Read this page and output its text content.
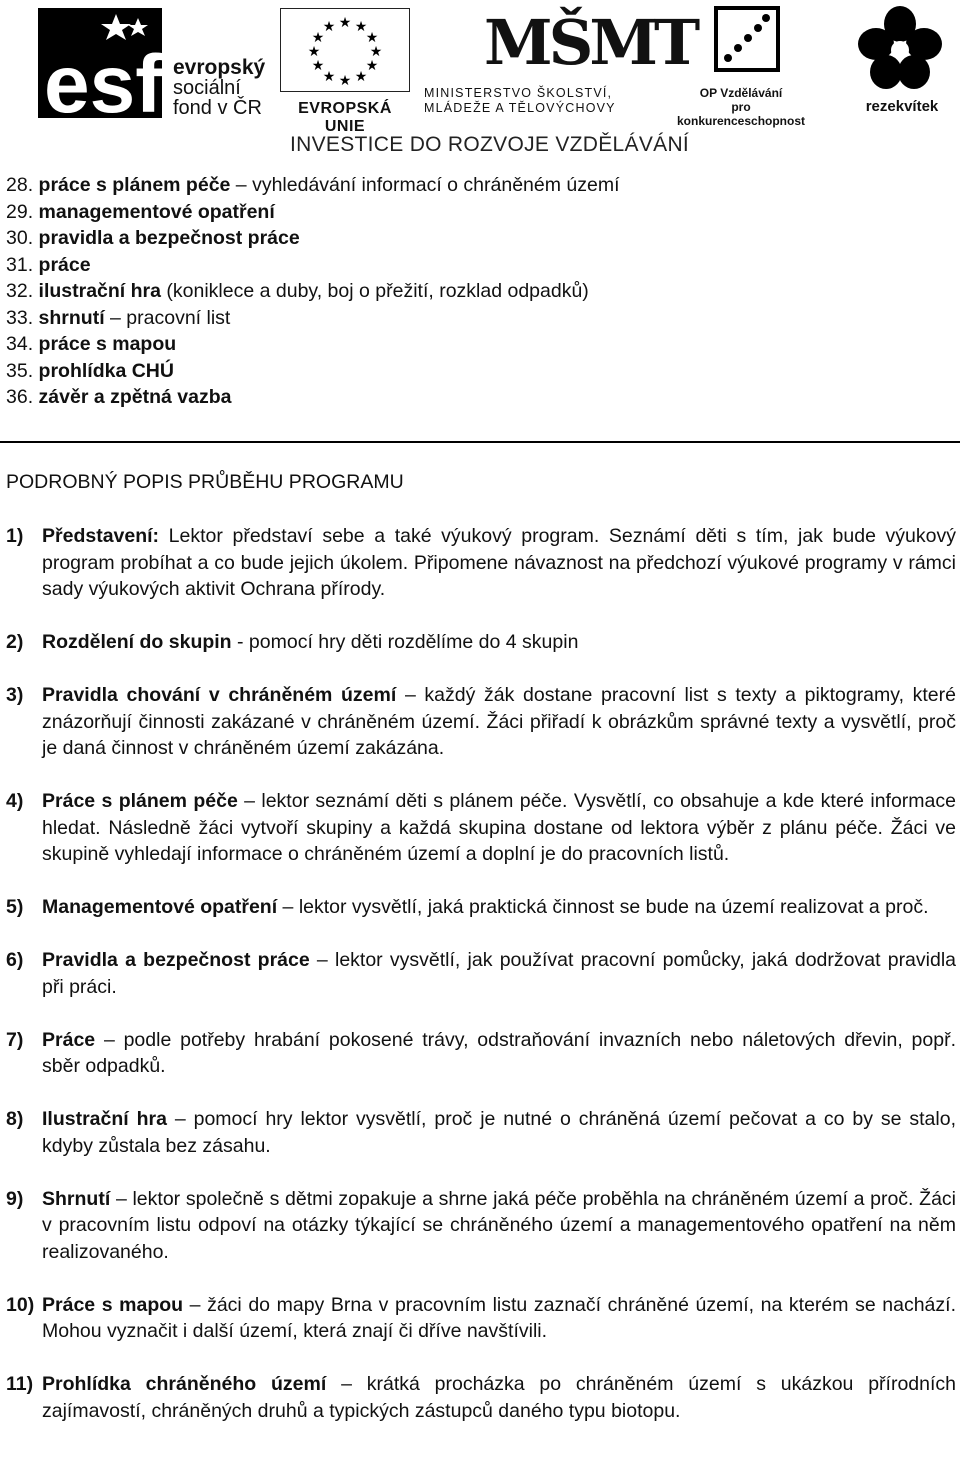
esf evropský
sociální
fond v ČR
★ ★
★
★
★
★
★
★
★
★
★
★
EVROPSKÁ UNIE
MŠMT
MINISTERSTVO ŠKOLSTVÍ,
MLÁDEŽE A TĚLOVÝCHOVY
OP Vzdělávání
pro konkurenceschopnost
rezekvítek
INVESTICE DO ROZVOJE VZDĚLÁVÁNÍ
28. práce s plánem péče – vyhledávání informací o chráněném území
29. managementové opatření
30. pravidla a bezpečnost práce
31. práce
32. ilustrační hra (koniklece a duby, boj o přežití, rozklad odpadků)
33. shrnutí – pracovní list
34. práce s mapou
35. prohlídka CHÚ
36. závěr a zpětná vazba
PODROBNÝ POPIS PRŮBĚHU PROGRAMU
1) Představení: Lektor představí sebe a také výukový program. Seznámí děti s tím, jak bude výukový program probíhat a co bude jejich úkolem. Připomene návaznost na předchozí výukové programy v rámci sady výukových aktivit Ochrana přírody.
2) Rozdělení do skupin - pomocí hry děti rozdělíme do 4 skupin
3) Pravidla chování v chráněném území – každý žák dostane pracovní list s texty a piktogramy, které znázorňují činnosti zakázané v chráněném území. Žáci přiřadí k obrázkům správné texty a vysvětlí, proč je daná činnost v chráněném území zakázána.
4) Práce s plánem péče – lektor seznámí děti s plánem péče. Vysvětlí, co obsahuje a kde které informace hledat. Následně žáci vytvoří skupiny a každá skupina dostane od lektora výběr z plánu péče. Žáci ve skupině vyhledají informace o chráněném území a doplní je do pracovních listů.
5) Managementové opatření – lektor vysvětlí, jaká praktická činnost se bude na území realizovat a proč.
6) Pravidla a bezpečnost práce – lektor vysvětlí, jak používat pracovní pomůcky, jaká dodržovat pravidla při práci.
7) Práce – podle potřeby hrabání pokosené trávy, odstraňování invazních nebo náletových dřevin, popř. sběr odpadků.
8) Ilustrační hra – pomocí hry lektor vysvětlí, proč je nutné o chráněná území pečovat a co by se stalo, kdyby zůstala bez zásahu.
9) Shrnutí – lektor společně s dětmi zopakuje a shrne jaká péče proběhla na chráněném území a proč. Žáci v pracovním listu odpoví na otázky týkající se chráněného území a managementového opatření na něm realizovaného.
10) Práce s mapou – žáci do mapy Brna v pracovním listu zaznačí chráněné území, na kterém se nachází. Mohou vyznačit i další území, která znají či dříve navštívili.
11) Prohlídka chráněného území – krátká procházka po chráněném území s ukázkou přírodních zajímavostí, chráněných druhů a typických zástupců daného typu biotopu.
